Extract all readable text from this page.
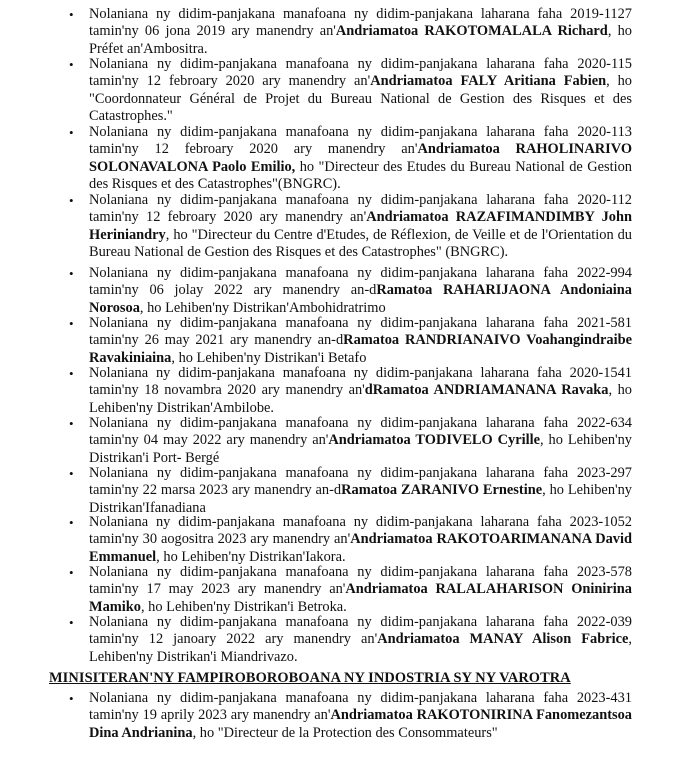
• Nolaniana ny didim-panjakana manafoana ny didim-panjakana laharana faha 2019-1127 tamin'ny 06 jona 2019 ary manendry an'Andriamatoa RAKOTOMALALA Richard, ho Préfet an'Ambositra.

• Nolaniana ny didim-panjakana manafoana ny didim-panjakana laharana faha 2020-115 tamin'ny 12 febroary 2020 ary manendry an'Andriamatoa FALY Aritiana Fabien, ho "Coordonnateur Général de Projet du Bureau National de Gestion des Risques et des Catastrophes."

• Nolaniana ny didim-panjakana manafoana ny didim-panjakana laharana faha 2020-113 tamin'ny 12 febroary 2020 ary manendry an'Andriamatoa RAHOLINARIVO SOLONAVALONA Paolo Emilio, ho "Directeur des Etudes du Bureau National de Gestion des Risques et des Catastrophes"(BNGRC).

• Nolaniana ny didim-panjakana manafoana ny didim-panjakana laharana faha 2020-112 tamin'ny 12 febroary 2020 ary manendry an'Andriamatoa RAZAFIMANDIMBY John Heriniandry, ho "Directeur du Centre d'Etudes, de Réflexion, de Veille et de l'Orientation du Bureau National de Gestion des Risques et des Catastrophes" (BNGRC).

• Nolaniana ny didim-panjakana manafoana ny didim-panjakana laharana faha 2022-994 tamin'ny 06 jolay 2022 ary manendry an-dRamatoa RAHARIJAONA Andoniaina Norosoa, ho Lehiben'ny Distrikan'Ambohidratrimo

• Nolaniana ny didim-panjakana manafoana ny didim-panjakana laharana faha 2021-581 tamin'ny 26 may 2021 ary manendry an-dRamatoa RANDRIANAIVO Voahangindraibe Ravakiniaina, ho Lehiben'ny Distrikan'i Betafo

• Nolaniana ny didim-panjakana manafoana ny didim-panjakana laharana faha 2020-1541 tamin'ny 18 novambra 2020 ary manendry an'dRamatoa ANDRIAMANANA Ravaka, ho Lehiben'ny Distrikan'Ambilobe.

• Nolaniana ny didim-panjakana manafoana ny didim-panjakana laharana faha 2022-634 tamin'ny 04 may 2022 ary manendry an'Andriamatoa TODIVELO Cyrille, ho Lehiben'ny Distrikan'i Port- Bergé

• Nolaniana ny didim-panjakana manafoana ny didim-panjakana laharana faha 2023-297 tamin'ny 22 marsa 2023 ary manendry an-dRamatoa ZARANIVO Ernestine, ho Lehiben'ny Distrikan'Ifanadiana

• Nolaniana ny didim-panjakana manafoana ny didim-panjakana laharana faha 2023-1052 tamin'ny 30 aogositra 2023 ary manendry an'Andriamatoa RAKOTOARIMANANA David Emmanuel, ho Lehiben'ny Distrikan'Iakora.

• Nolaniana ny didim-panjakana manafoana ny didim-panjakana laharana faha 2023-578 tamin'ny 17 may 2023 ary manendry an'Andriamatoa RALALAHARISON Oninirina Mamiko, ho Lehiben'ny Distrikan'i Betroka.

• Nolaniana ny didim-panjakana manafoana ny didim-panjakana laharana faha 2022-039 tamin'ny 12 janoary 2022 ary manendry an'Andriamatoa MANAY Alison Fabrice, Lehiben'ny Distrikan'i Miandrivazo.

MINISITERAN'NY FAMPIROBOROBOANA NY INDOSTRIA SY NY VAROTRA
• Nolaniana ny didim-panjakana manafoana ny didim-panjakana laharana faha 2023-431 tamin'ny 19 aprily 2023 ary manendry an'Andriamatoa RAKOTONIRINA Fanomezantsoa Dina Andrianina, ho "Directeur de la Protection des Consommateurs"
